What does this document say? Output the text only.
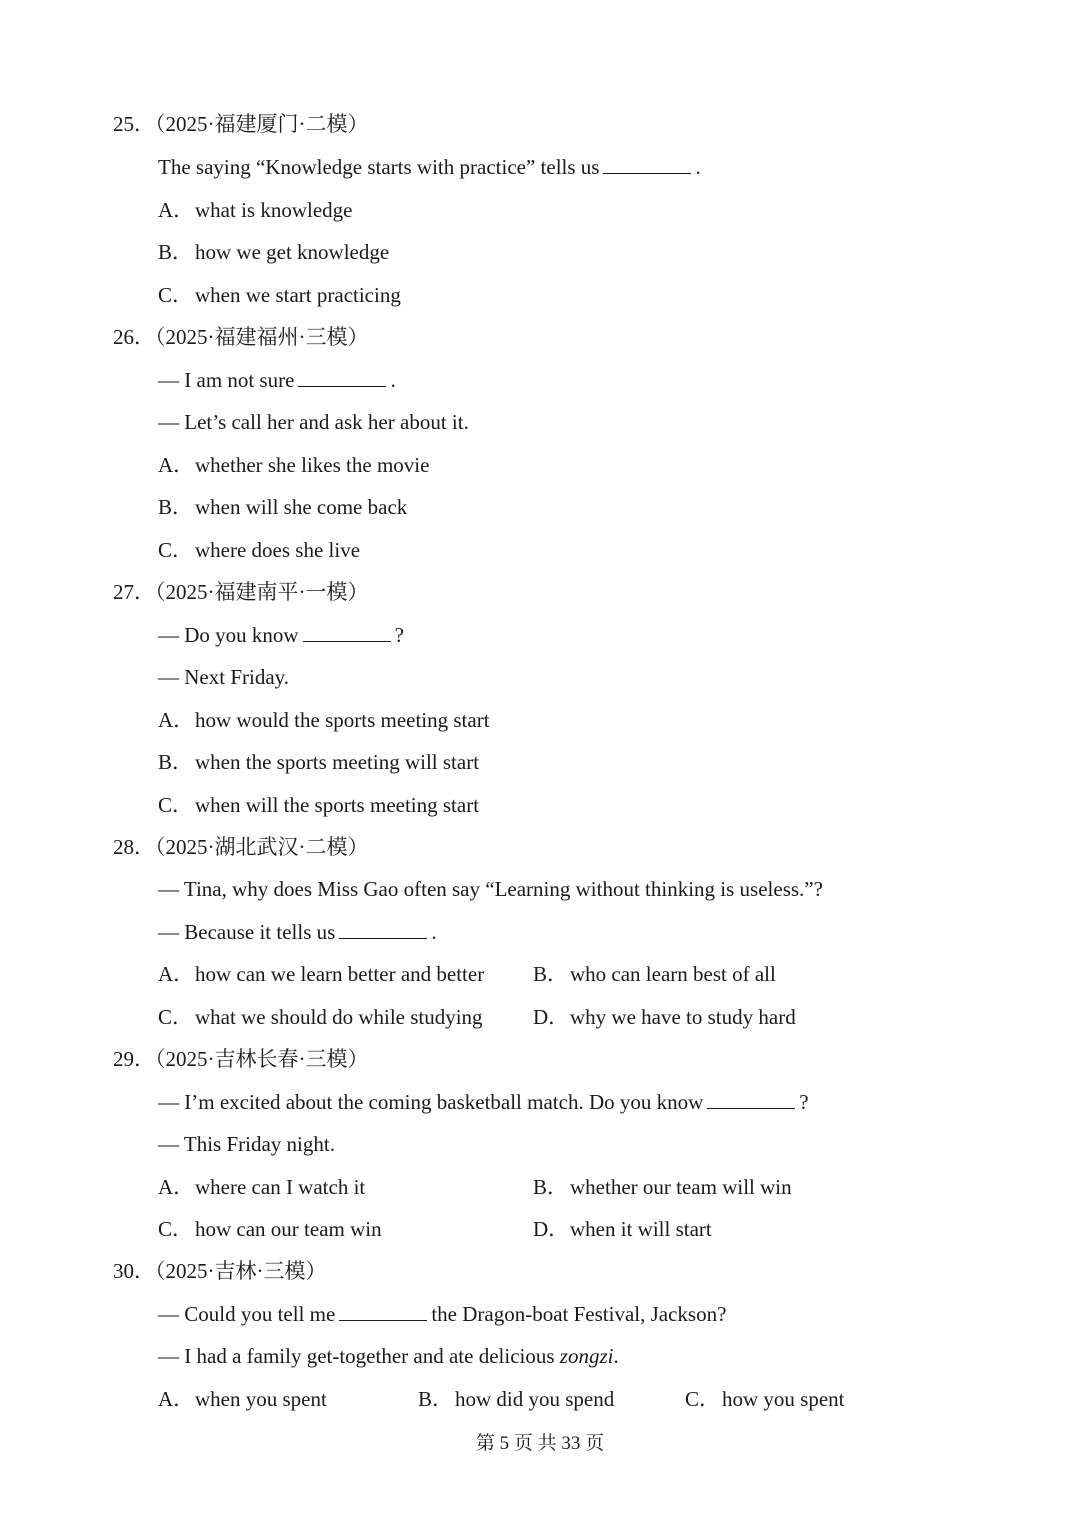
25．（2025·福建厦门·二模）
The saying “Knowledge starts with practice” tells us	.
A．what is knowledge
B．how we get knowledge
C．when we start practicing
26．（2025·福建福州·三模）
— I am not sure	.
— Let’s call her and ask her about it.
A．whether she likes the movie
B．when will she come back
C．where does she live
27．（2025·福建南平·一模）
— Do you know	?
— Next Friday.
A．how would the sports meeting start
B．when the sports meeting will start
C．when will the sports meeting start
28．（2025·湖北武汉·二模）
— Tina, why does Miss Gao often say “Learning without thinking is useless.”?
— Because it tells us	.
A．how can we learn better and better B．who can learn best of all
C．what we should do while studying D．why we have to study hard
29．（2025·吉林长春·三模）
— I’m excited about the coming basketball match. Do you know	?
— This Friday night.
A．where can I watch it	B．whether our team will win
C．how can our team win	D．when it will start
30．（2025·吉林·三模）
— Could you tell me	the Dragon-boat Festival, Jackson?
— I had a family get-together and ate delicious zongzi.
A．when you spent	B．how did you spend	C．how you spent
第 5 页 共 33 页
